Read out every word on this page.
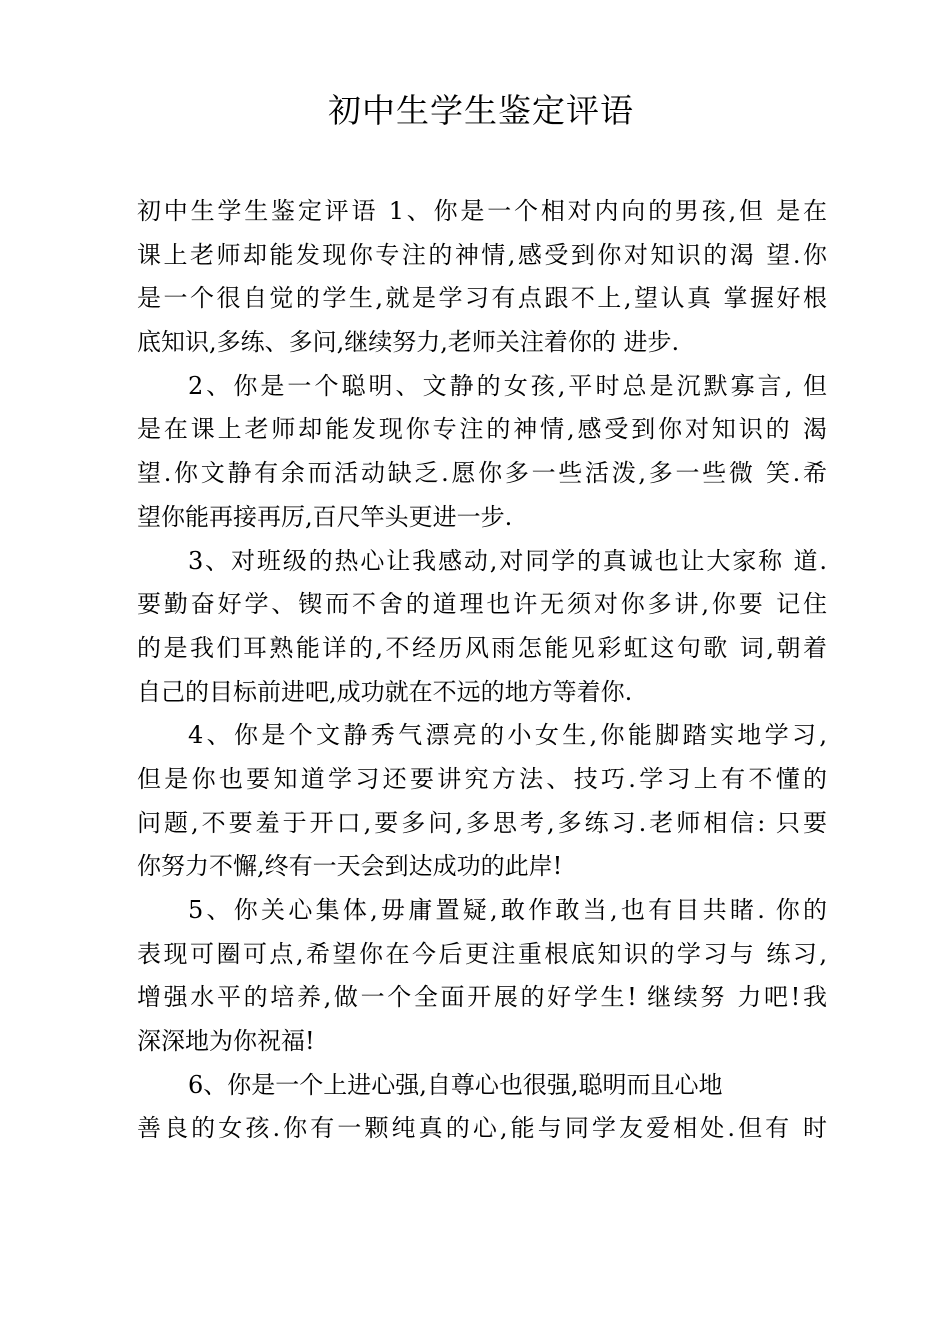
初中生学生鉴定评语
初中生学生鉴定评语 1、你是一个相对内向的男孩,但 是在
课上老师却能发现你专注的神情,感受到你对知识的渴 望.你
是一个很自觉的学生,就是学习有点跟不上,望认真 掌握好根
底知识,多练、多问,继续努力,老师关注着你的 进步.
2、你是一个聪明、文静的女孩,平时总是沉默寡言, 但
是在课上老师却能发现你专注的神情,感受到你对知识的 渴
望.你文静有余而活动缺乏.愿你多一些活泼,多一些微 笑.希
望你能再接再厉,百尺竿头更进一步.
3、对班级的热心让我感动,对同学的真诚也让大家称 道.
要勤奋好学、锲而不舍的道理也许无须对你多讲,你要 记住
的是我们耳熟能详的,不经历风雨怎能见彩虹这句歌 词,朝着
自己的目标前进吧,成功就在不远的地方等着你.
4、你是个文静秀气漂亮的小女生,你能脚踏实地学习,
但是你也要知道学习还要讲究方法、技巧.学习上有不懂的
问题,不要羞于开口,要多问,多思考,多练习.老师相信: 只要
你努力不懈,终有一天会到达成功的此岸!
5、你关心集体,毋庸置疑,敢作敢当,也有目共睹. 你的
表现可圈可点,希望你在今后更注重根底知识的学习与 练习,
增强水平的培养,做一个全面开展的好学生! 继续努 力吧!我
深深地为你祝福!
6、你是一个上进心强,自尊心也很强,聪明而且心地
善良的女孩.你有一颗纯真的心,能与同学友爱相处.但有 时
